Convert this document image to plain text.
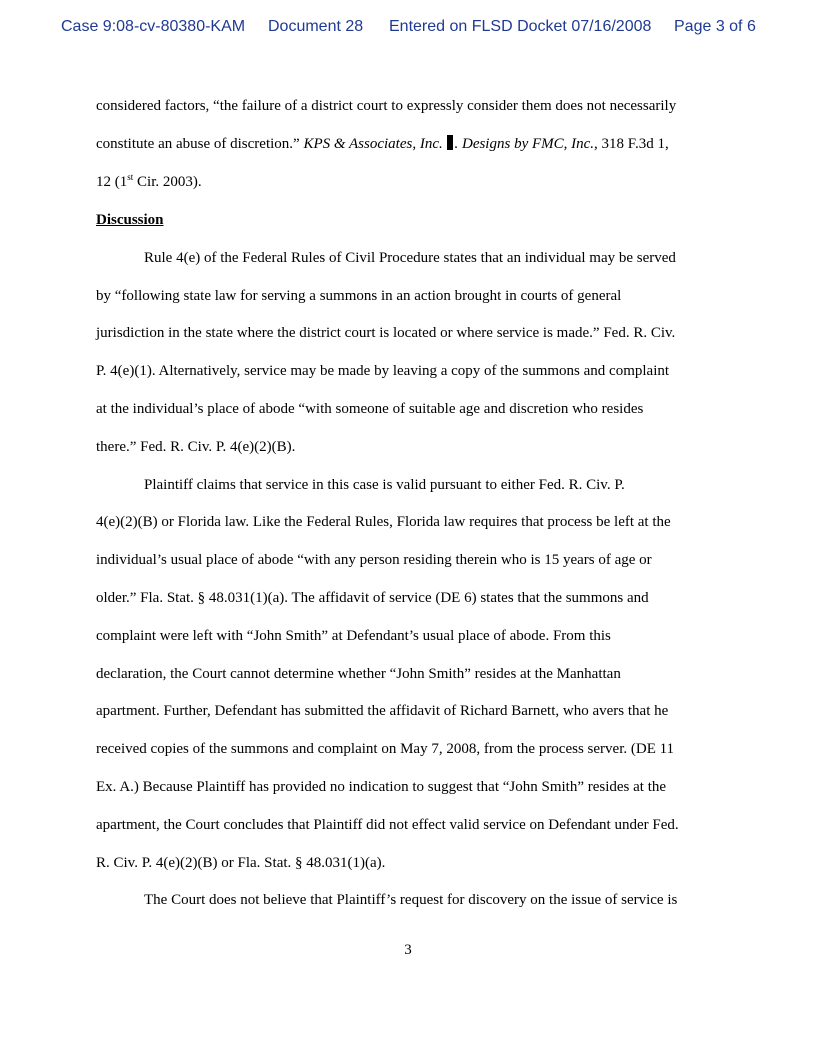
Case 9:08-cv-80380-KAM Document 28 Entered on FLSD Docket 07/16/2008 Page 3 of 6
considered factors, “the failure of a district court to expressly consider them does not necessarily
constitute an abuse of discretion.” KPS & Associates, Inc. . Designs by FMC, Inc., 318 F.3d 1,
12 (1st Cir. 2003).
Discussion
Rule 4(e) of the Federal Rules of Civil Procedure states that an individual may be served
by “following state law for serving a summons in an action brought in courts of general
jurisdiction in the state where the district court is located or where service is made.” Fed. R. Civ.
P. 4(e)(1). Alternatively, service may be made by leaving a copy of the summons and complaint
at the individual’s place of abode “with someone of suitable age and discretion who resides
there.” Fed. R. Civ. P. 4(e)(2)(B).
Plaintiff claims that service in this case is valid pursuant to either Fed. R. Civ. P.
4(e)(2)(B) or Florida law. Like the Federal Rules, Florida law requires that process be left at the
individual’s usual place of abode “with any person residing therein who is 15 years of age or
older.” Fla. Stat. § 48.031(1)(a). The affidavit of service (DE 6) states that the summons and
complaint were left with “John Smith” at Defendant’s usual place of abode. From this
declaration, the Court cannot determine whether “John Smith” resides at the Manhattan
apartment. Further, Defendant has submitted the affidavit of Richard Barnett, who avers that he
received copies of the summons and complaint on May 7, 2008, from the process server. (DE 11
Ex. A.) Because Plaintiff has provided no indication to suggest that “John Smith” resides at the
apartment, the Court concludes that Plaintiff did not effect valid service on Defendant under Fed.
R. Civ. P. 4(e)(2)(B) or Fla. Stat. § 48.031(1)(a).
The Court does not believe that Plaintiff’s request for discovery on the issue of service is
3
